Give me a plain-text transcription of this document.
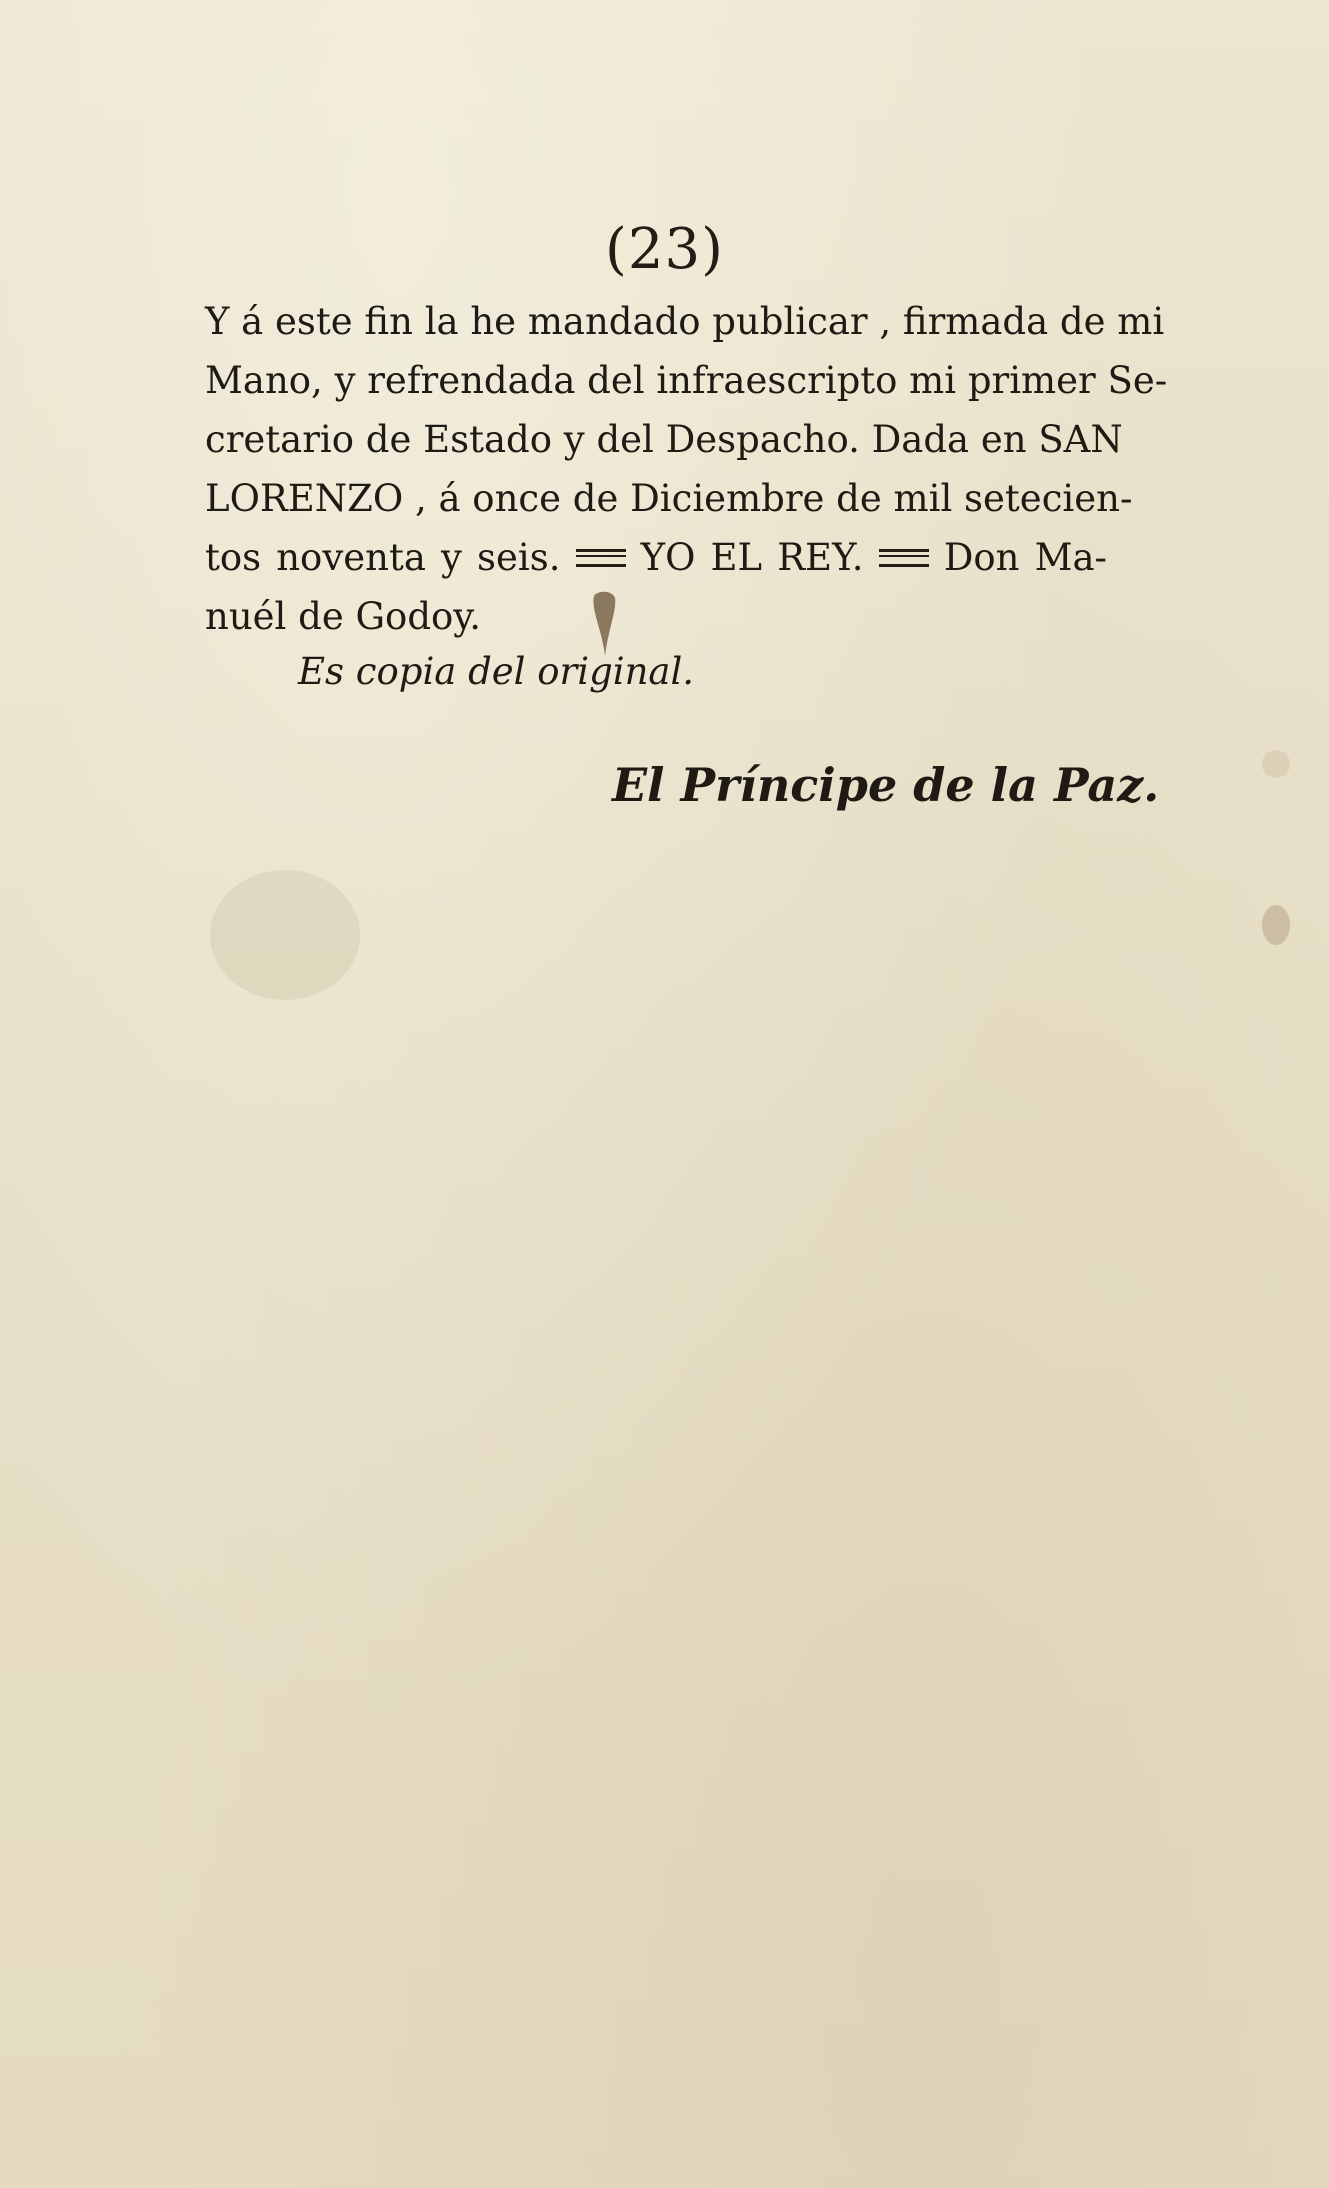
(23)
Y á este fin la he mandado publicar , firmada de mi
Mano, y refrendada del infraescripto mi primer Se-
cretario de Estado y del Despacho. Dada en SAN
LORENZO , á once de Diciembre de mil setecien-
tos noventa y seis. YO EL REY. Don Ma-
nuél de Godoy.
Es copia del original.
El Príncipe de la Paz.
